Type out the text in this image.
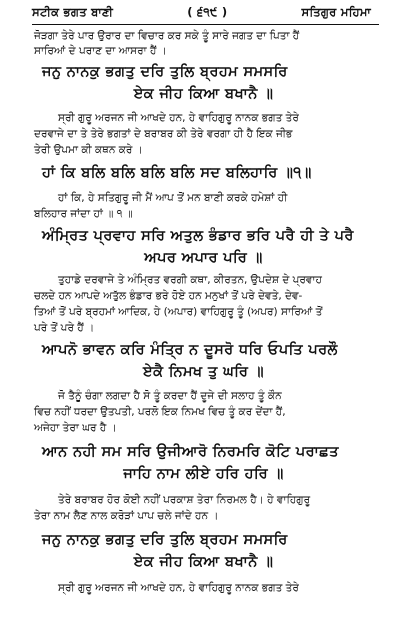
ਸਟੀਕ ਭਗਤ ਬਾਣੀ	( ੬੧੯ )	ਸਤਿਗੁਰ ਮਹਿਮਾ
ਜੋੜਗਾ ਤੇਰੇ ਪਾਰ ਉਰਾਰ ਦਾ ਵਿਚਾਰ ਕਰ ਸਕੇ ਤੂੰ ਸਾਰੇ ਜਗਤ ਦਾ ਪਿਤਾ ਹੈਂ
ਸਾਰਿਆਂ ਦੇ ਪਰਾਣ ਦਾ ਆਸਰਾ ਹੈਂ ।
ਜਨੁ ਨਾਨਕੁ ਭਗਤੁ ਦਰਿ ਤੁਲਿ ਬ੍ਰਹਮ ਸਮਸਰਿ
ਏਕ ਜੀਹ ਕਿਆ ਬਖਾਨੈ ॥
ਸ੍ਰੀ ਗੁਰੂ ਅਰਜਨ ਜੀ ਆਖਦੇ ਹਨ, ਹੇ ਵਾਹਿਗੁਰੂ ਨਾਨਕ ਭਗਤ ਤੇਰੇ
ਦਰਵਾਜੇ ਦਾ ਤੇ ਤੇਰੇ ਭਗਤਾਂ ਦੇ ਬਰਾਬਰ ਕੀ ਤੇਰੇ ਵਰਗਾ ਹੀ ਹੈ ਇਕ ਜੀਭ
ਤੇਰੀ ਉਪਮਾ ਕੀ ਕਥਨ ਕਰੇ ।
ਹਾਂ ਕਿ ਬਲਿ ਬਲਿ ਬਲਿ ਬਲਿ ਸਦ ਬਲਿਹਾਰਿ ॥੧॥
ਹਾਂ ਕਿ, ਹੇ ਸਤਿਗੁਰੂ ਜੀ ਮੈਂ ਆਪ ਤੋਂ ਮਨ ਬਾਣੀ ਕਰਕੇ ਹਮੇਸ਼ਾਂ ਹੀ
ਬਲਿਹਾਰ ਜਾਂਦਾ ਹਾਂ ॥ ੧ ॥
ਅੰਮ੍ਰਿਤ ਪ੍ਰਵਾਹ ਸਰਿ ਅਤੁਲ ਭੰਡਾਰ ਭਰਿ ਪਰੈ ਹੀ ਤੇ ਪਰੈ
ਅਪਰ ਅਪਾਰ ਪਰਿ ॥
ਤੁਹਾਡੇ ਦਰਵਾਜੇ ਤੇ ਅੰਮ੍ਰਿਤ ਵਰਗੀ ਕਥਾ, ਕੀਰਤਨ, ਉਪਦੇਸ਼ ਦੇ ਪ੍ਰਵਾਹ
ਚਲਦੇ ਹਨ ਆਪਦੇ ਅਤੁੱਲ ਭੰਡਾਰ ਭਰੇ ਹੋਏ ਹਨ ਮਨੁਖਾਂ ਤੋਂ ਪਰੇ ਦੇਵਤੇ, ਦੇਵ-
ਤਿਆਂ ਤੋਂ ਪਰੇ ਬ੍ਰਹਮਾਂ ਆਦਿਕ, ਹੇ (ਅਪਾਰ) ਵਾਹਿਗੁਰੂ ਤੂੰ (ਅਪਰ) ਸਾਰਿਆਂ ਤੋਂ
ਪਰੇ ਤੋਂ ਪਰੇ ਹੈਂ ।
ਆਪਨੋ ਭਾਵਨ ਕਰਿ ਮੰਤ੍ਰਿ ਨ ਦੂਸਰੋ ਧਰਿ ਓਪਤਿ ਪਰਲੌ
ਏਕੈ ਨਿਮਖ ਤੁ ਘਰਿ ॥
ਜੋ ਤੈਨੂੰ ਚੰਗਾ ਲਗਦਾ ਹੈ ਸੋ ਤੂੰ ਕਰਦਾ ਹੈਂ ਦੂਜੇ ਦੀ ਸਲਾਹ ਤੂੰ ਕੌਨ
ਵਿਚ ਨਹੀਂ ਧਰਦਾ ਉਤਪਤੀ, ਪਰਲੋ ਇਕ ਨਿਮਖ ਵਿਚ ਤੂੰ ਕਰ ਦੇਂਦਾ ਹੈਂ,
ਅਜੇਹਾ ਤੇਰਾ ਘਰ ਹੈ ।
ਆਨ ਨਹੀ ਸਮ ਸਰਿ ਉਜੀਆਰੋ ਨਿਰਮਰਿ ਕੋਟਿ ਪਰਾਛਤ
ਜਾਹਿ ਨਾਮ ਲੀਏ ਹਰਿ ਹਰਿ ॥
ਤੇਰੇ ਬਰਾਬਰ ਹੋਰ ਕੋਈ ਨਹੀਂ ਪਰਕਾਸ਼ ਤੇਰਾ ਨਿਰਮਲ ਹੈ। ਹੇ ਵਾਹਿਗੁਰੂ
ਤੇਰਾ ਨਾਮ ਲੈਣ ਨਾਲ ਕਰੋੜਾਂ ਪਾਪ ਚਲੇ ਜਾਂਦੇ ਹਨ ।
ਜਨੁ ਨਾਨਕੁ ਭਗਤੁ ਦਰਿ ਤੁਲਿ ਬ੍ਰਹਮ ਸਮਸਰਿ
ਏਕ ਜੀਹ ਕਿਆ ਬਖਾਨੈ ॥
ਸ੍ਰੀ ਗੁਰੂ ਅਰਜਨ ਜੀ ਆਖਦੇ ਹਨ, ਹੇ ਵਾਹਿਗੁਰੂ ਨਾਨਕ ਭਗਤ ਤੇਰੇ
